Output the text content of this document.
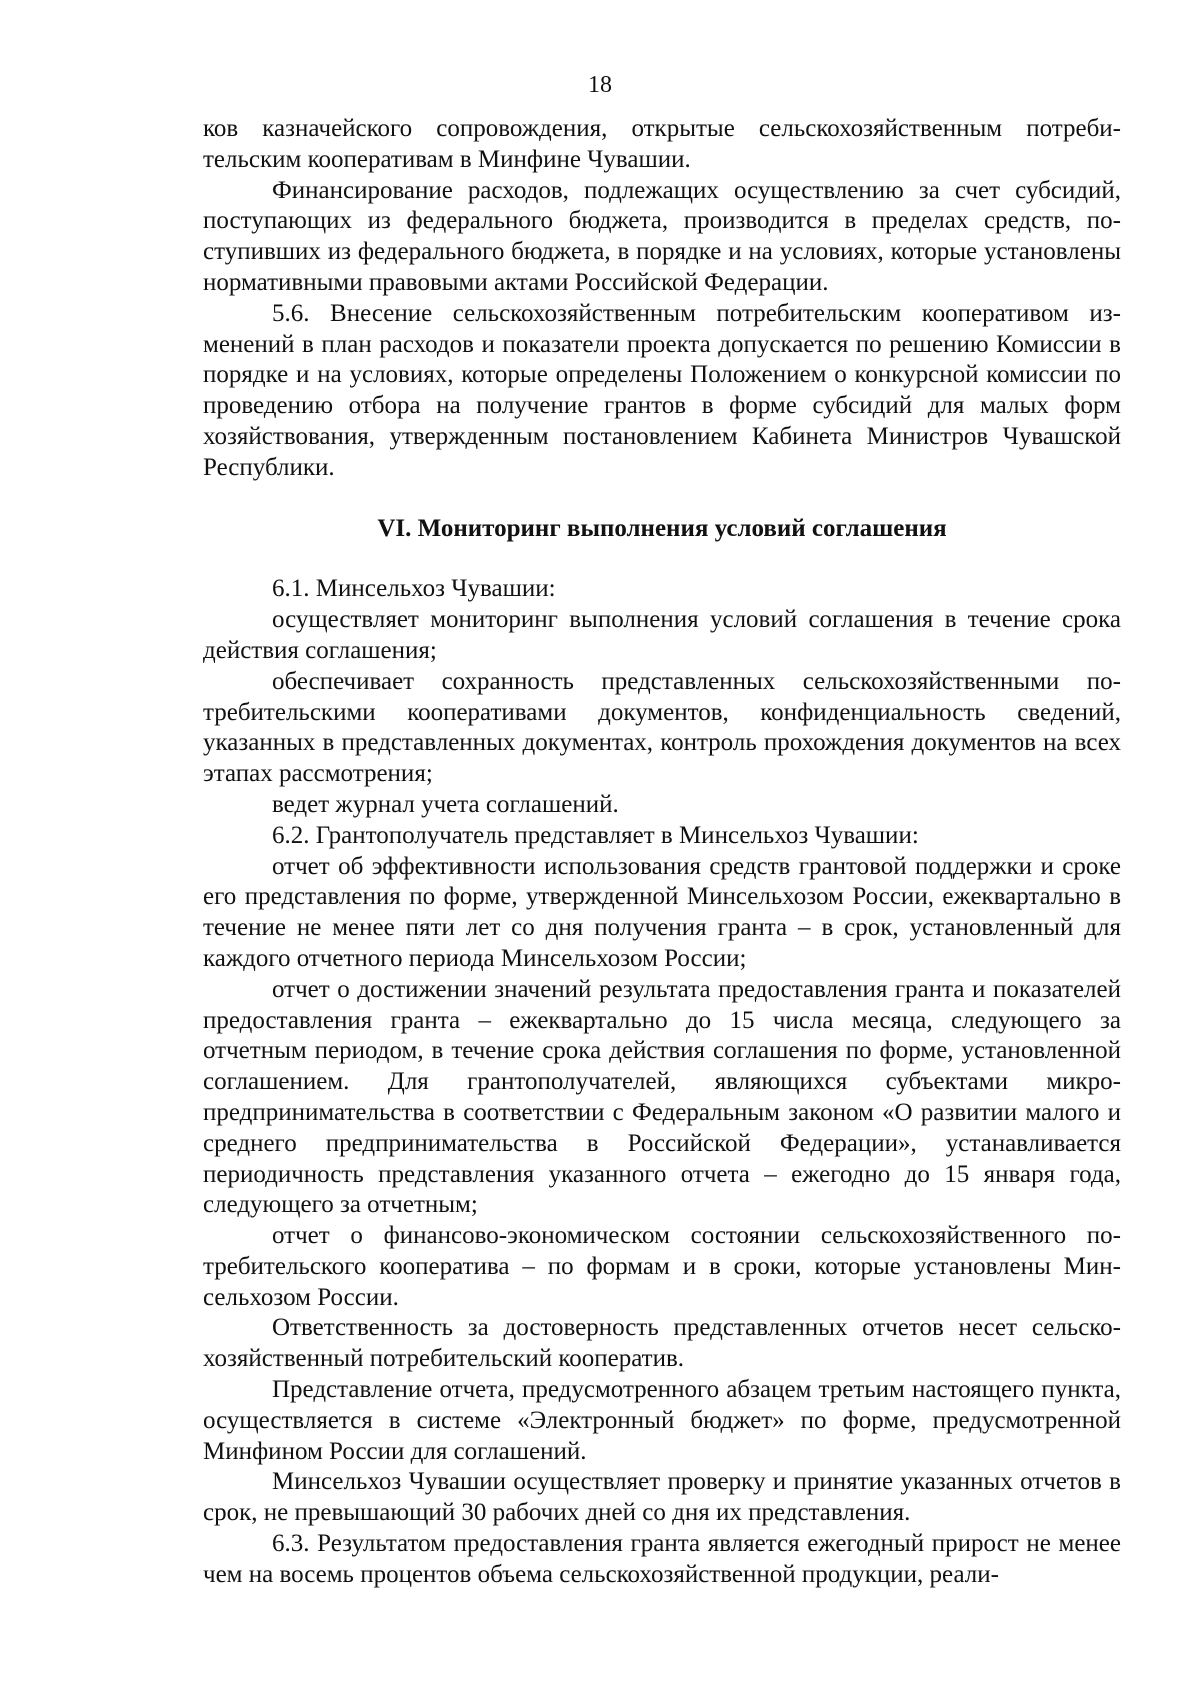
18

ков казначейского сопровождения, открытые сельскохозяйственным потребительским кооперативам в Минфине Чувашии.

Финансирование расходов, подлежащих осуществлению за счет субсидий, поступающих из федерального бюджета, производится в пределах средств, поступивших из федерального бюджета, в порядке и на условиях, которые установлены нормативными правовыми актами Российской Федерации.

5.6. Внесение сельскохозяйственным потребительским кооперативом изменений в план расходов и показатели проекта допускается по решению Комиссии в порядке и на условиях, которые определены Положением о конкурсной комиссии по проведению отбора на получение грантов в форме субсидий для малых форм хозяйствования, утвержденным постановлением Кабинета Министров Чувашской Республики.

VI. Мониторинг выполнения условий соглашения

6.1. Минсельхоз Чувашии:

осуществляет мониторинг выполнения условий соглашения в течение срока действия соглашения;

обеспечивает сохранность представленных сельскохозяйственными потребительскими кооперативами документов, конфиденциальность сведений, указанных в представленных документах, контроль прохождения документов на всех этапах рассмотрения;

ведет журнал учета соглашений.

6.2. Грантополучатель представляет в Минсельхоз Чувашии:

отчет об эффективности использования средств грантовой поддержки и сроке его представления по форме, утвержденной Минсельхозом России, ежеквартально в течение не менее пяти лет со дня получения гранта – в срок, установленный для каждого отчетного периода Минсельхозом России;

отчет о достижении значений результата предоставления гранта и показателей предоставления гранта – ежеквартально до 15 числа месяца, следующего за отчетным периодом, в течение срока действия соглашения по форме, установленной соглашением. Для грантополучателей, являющихся субъектами микропредпринимательства в соответствии с Федеральным законом «О развитии малого и среднего предпринимательства в Российской Федерации», устанавливается периодичность представления указанного отчета – ежегодно до 15 января года, следующего за отчетным;

отчет о финансово-экономическом состоянии сельскохозяйственного потребительского кооператива – по формам и в сроки, которые установлены Минсельхозом России.

Ответственность за достоверность представленных отчетов несет сельскохозяйственный потребительский кооператив.

Представление отчета, предусмотренного абзацем третьим настоящего пункта, осуществляется в системе «Электронный бюджет» по форме, предусмотренной Минфином России для соглашений.

Минсельхоз Чувашии осуществляет проверку и принятие указанных отчетов в срок, не превышающий 30 рабочих дней со дня их представления.

6.3. Результатом предоставления гранта является ежегодный прирост не менее чем на восемь процентов объема сельскохозяйственной продукции, реали-
